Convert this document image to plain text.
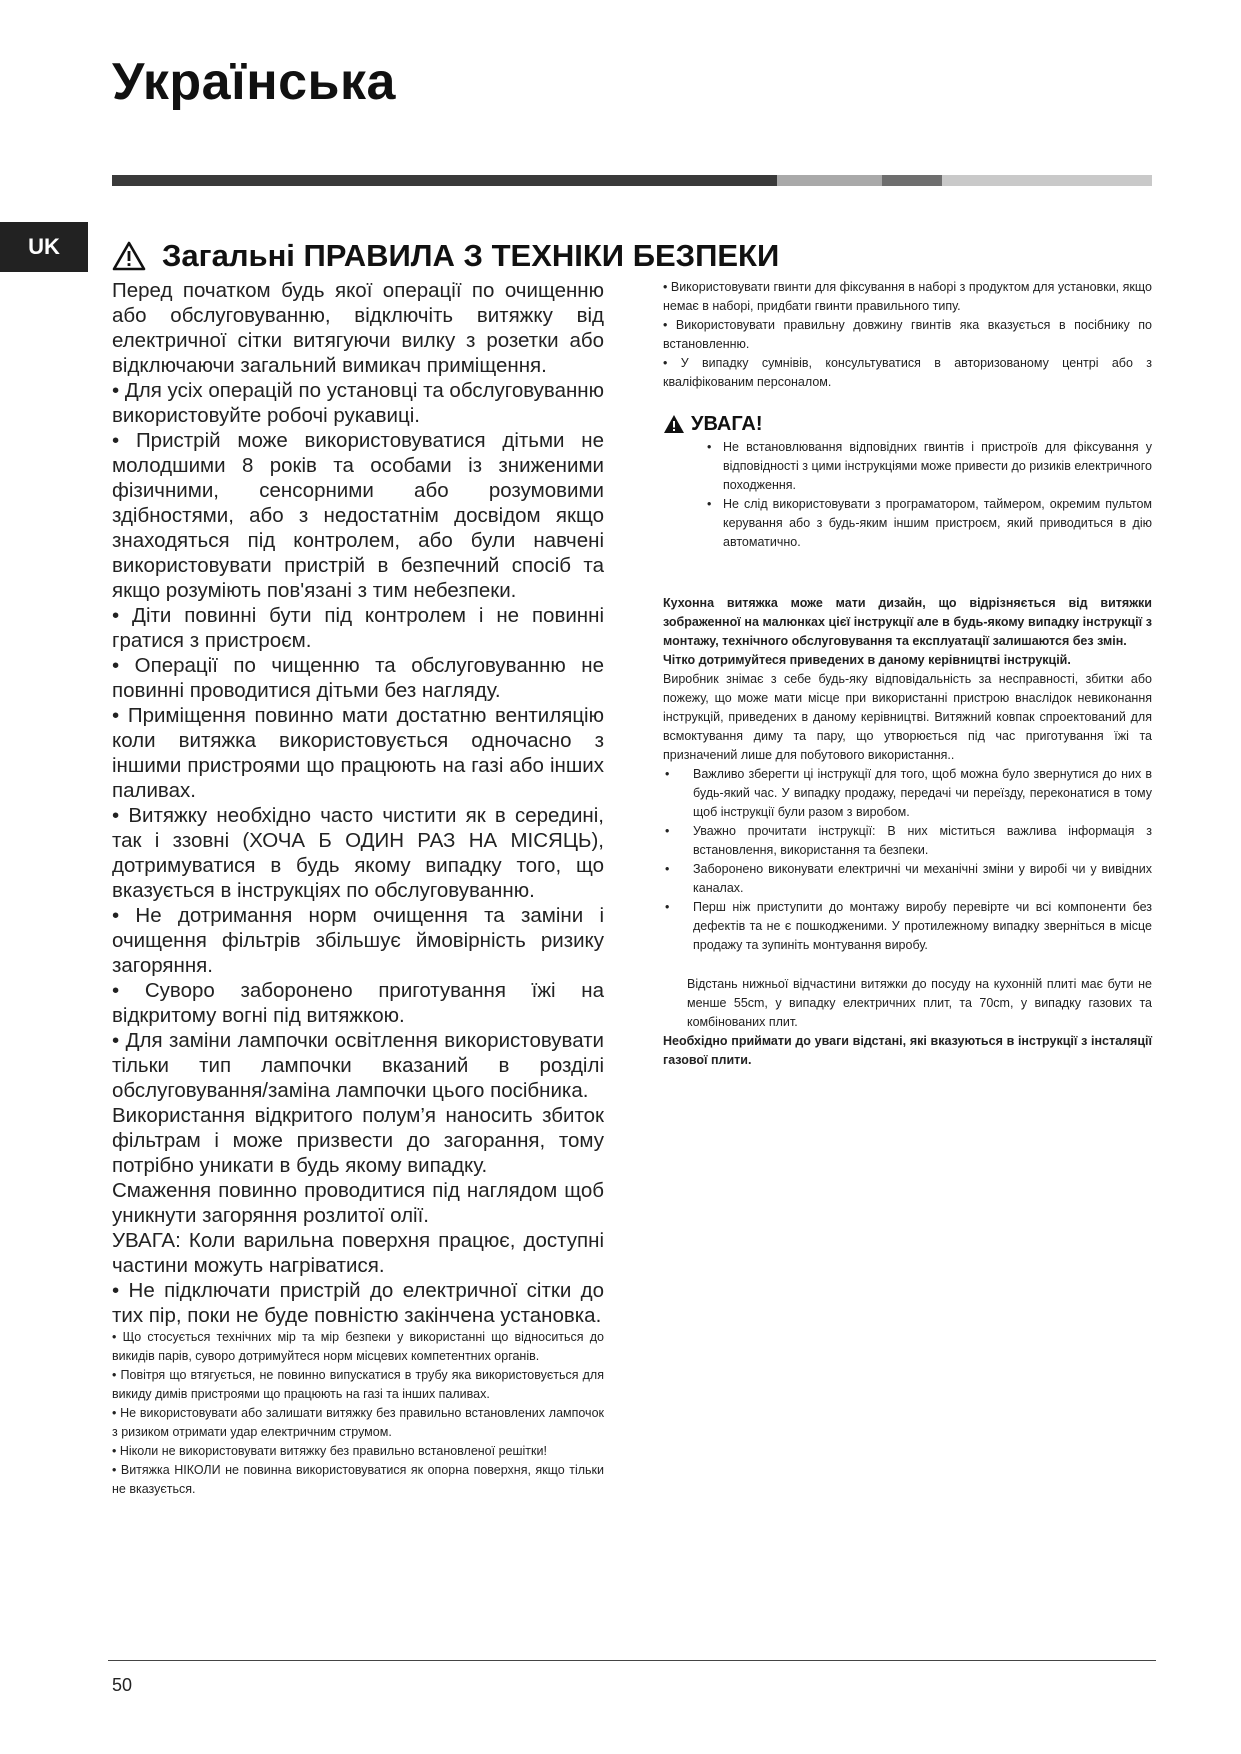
Українська
UK	Загальні ПРАВИЛА З ТЕХНІКИ БЕЗПЕКИ

Перед початком будь якої операції по очищенню або обслуговуванню, відключіть витяжку від електричної сітки витягуючи вилку з розетки або відключаючи загальний вимикач приміщення.

• Для усіх операцій по установці та обслуговуванню використовуйте робочі рукавиці.

• Пристрій може використовуватися дітьми не молодшими 8 років та особами із зниженими фізичними, сенсорними або розумовими здібностями, або з недостатнім досвідом якщо знаходяться під контролем, або були навчені використовувати пристрій в безпечний спосіб та якщо розуміють пов'язані з тим небезпеки.

• Діти повинні бути під контролем і не повинні гратися з пристроєм.

• Операції по чищенню та обслуговуванню не повинні проводитися дітьми без нагляду.

• Приміщення повинно мати достатню вентиляцію коли витяжка використовується одночасно з іншими пристроями що працюють на газі або інших паливах.

• Витяжку необхідно часто чистити як в середині, так і ззовні (ХОЧА Б ОДИН РАЗ НА МІСЯЦЬ), дотримуватися в будь якому випадку того, що вказується в інструкціях по обслуговуванню.

• Не дотримання норм очищення та заміни і очищення фільтрів збільшує ймовірність ризику загоряння.

• Суворо заборонено приготування їжі на відкритому вогні під витяжкою.

• Для заміни лампочки освітлення використовувати тільки тип лампочки вказаний в розділі обслуговування/заміна лампочки цього посібника.

Використання відкритого полум’я наносить збиток фільтрам і може призвести до загорання, тому потрібно уникати в будь якому випадку.

Смаження повинно проводитися під наглядом щоб уникнути загоряння розлитої олії.

УВАГА: Коли варильна поверхня працює, доступні частини можуть нагріватися.

• Не підключати пристрій до електричної сітки до тих пір, поки не буде повністю закінчена установка.

• Що стосується технічних мір та мір безпеки у використанні що відноситься до викидів парів, суворо дотримуйтеся норм місцевих компетентних органів.

• Повітря що втягується, не повинно випускатися в трубу яка використовується для викиду димів пристроями що працюють на газі та інших паливах.

• Не використовувати або залишати витяжку без правильно встановлених лампочок з ризиком отримати удар електричним струмом.

• Ніколи не використовувати витяжку без правильно встановленої решітки!

• Витяжка НІКОЛИ не повинна використовуватися як опорна поверхня, якщо тільки не вказується.

• Використовувати гвинти для фіксування в наборі з продуктом для установки, якщо немає в наборі, придбати гвинти правильного типу.

• Використовувати правильну довжину гвинтів яка вказується в посібнику по встановленню.

• У випадку сумнівів, консультуватися в авторизованому центрі або з кваліфікованим персоналом.

УВАГА!
• Не встановлювання відповідних гвинтів і пристроїв для фіксування у відповідності з цими інструкціями може привести до ризиків електричного походження.
• Не слід використовувати з програматором, таймером, окремим пультом керування або з будь-яким іншим пристроєм, який приводиться в дію автоматично.

Кухонна витяжка може мати дизайн, що відрізняється від витяжки зображенної на малюнках цієї інструкції але в будь-якому випадку інструкції з монтажу, технічного обслуговування та експлуатації залишаются без змін.

Чітко дотримуйтеся приведених в даному керівництві інструкцій.

Виробник знімає з себе будь-яку відповідальність за несправності, збитки або пожежу, що може мати місце при використанні пристрою внаслідок невиконання інструкцій, приведених в даному керівництві. Витяжний ковпак спроектований для всмоктування диму та пару, що утворюється під час приготування їжі та призначений лише для побутового використання..

• Важливо зберегти ці інструкції для того, щоб можна було звернутися до них в будь-який час. У випадку продажу, передачі чи переїзду, переконатися в тому щоб інструкції були разом з виробом.
• Уважно прочитати інструкції: В них міститься важлива інформація з встановлення, використання та безпеки.
• Заборонено виконувати електричні чи механічні зміни у виробі чи у вивідних каналах.
• Перш ніж приступити до монтажу виробу перевірте чи всі компоненти без дефектів та не є пошкодженими. У протилежному випадку зверніться в місце продажу та зупиніть монтування виробу.

Відстань нижньої відчастини витяжки до посуду на кухонній плиті має бути не менше 55cm, у випадку електричних плит, та 70cm, у випадку газових та комбінованих плит.

Необхідно приймати до уваги відстані, які вказуються в інструкції з інсталяції газової плити.

50
